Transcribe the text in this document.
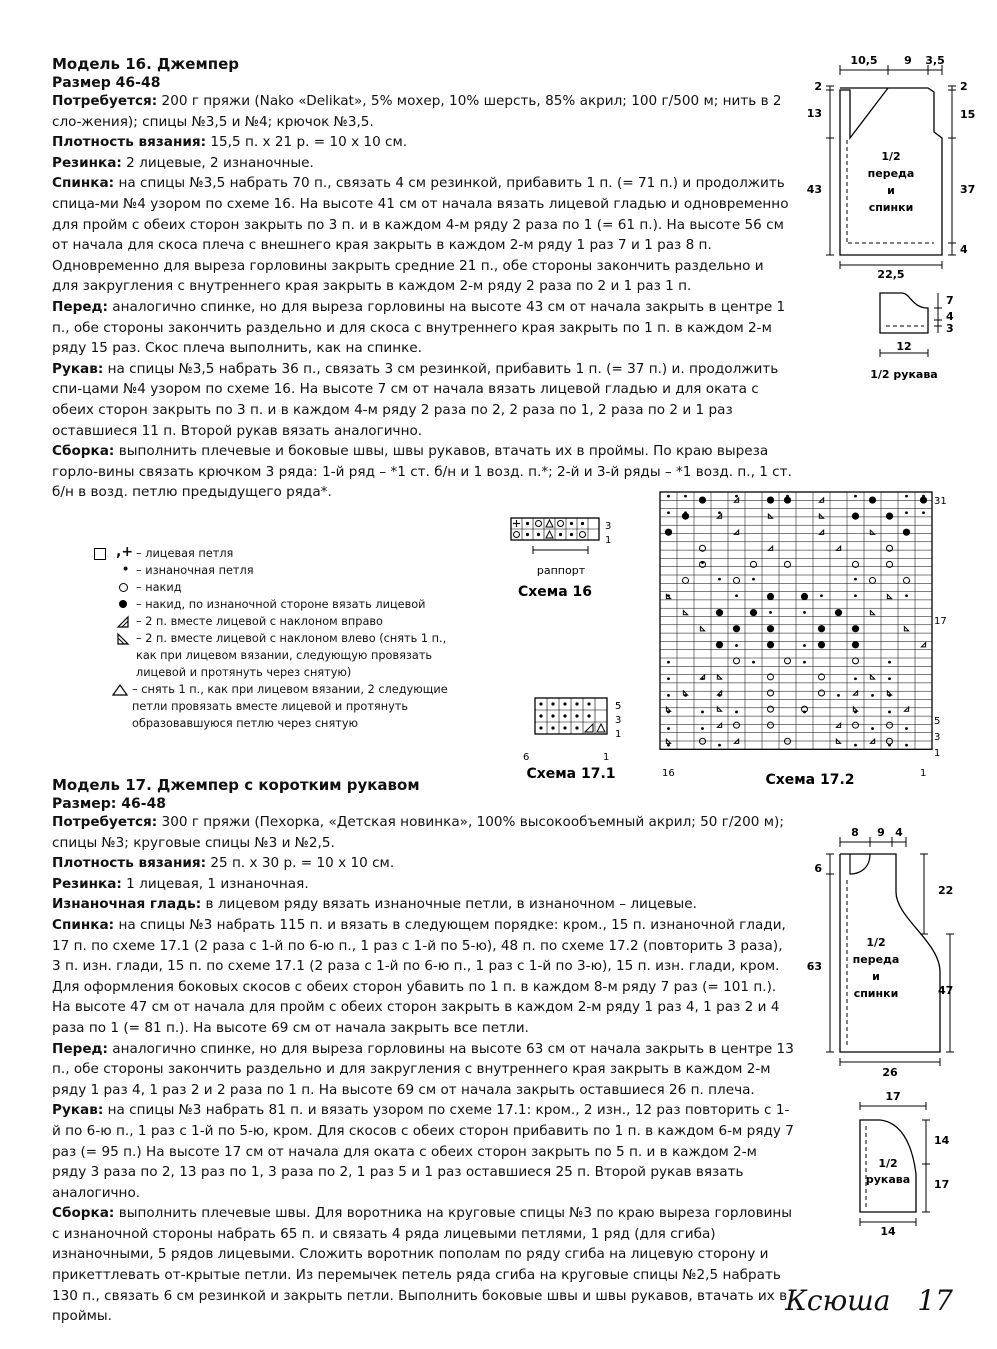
Модель 16. Джемпер
Размер 46-48

Потребуется: 200 г пряжи (Nako «Delikat», 5% мохер, 10% шерсть, 85% акрил; 100 г/500 м; нить в 2 сло-жения); спицы №3,5 и №4; крючок №3,5.

Плотность вязания: 15,5 п. х 21 р. = 10 х 10 см.

Резинка: 2 лицевые, 2 изнаночные.

Спинка: на спицы №3,5 набрать 70 п., связать 4 см резинкой, прибавить 1 п. (= 71 п.) и продолжить спица-ми №4 узором по схеме 16. На высоте 41 см от начала вязать лицевой гладью и одновременно для пройм с обеих сторон закрыть по 3 п. и в каждом 4-м ряду 2 раза по 1 (= 61 п.). На высоте 56 см от начала для скоса плеча с внешнего края закрыть в каждом 2-м ряду 1 раз 7 и 1 раз 8 п. Одновременно для выреза горловины закрыть средние 21 п., обе стороны закончить раздельно и для закругления с внутреннего края закрыть в каждом 2-м ряду 2 раза по 2 и 1 раз 1 п.

Перед: аналогично спинке, но для выреза горловины на высоте 43 см от начала закрыть в центре 1 п., обе стороны закончить раздельно и для скоса с внутреннего края закрыть по 1 п. в каждом 2-м ряду 15 раз. Скос плеча выполнить, как на спинке.

Рукав: на спицы №3,5 набрать 36 п., связать 3 см резинкой, прибавить 1 п. (= 37 п.) и. продолжить спи-цами №4 узором по схеме 16. На высоте 7 см от начала вязать лицевой гладью и для оката с обеих сторон закрыть по 3 п. и в каждом 4-м ряду 2 раза по 2, 2 раза по 1, 2 раза по 2 и 1 раз оставшиеся 11 п. Второй рукав вязать аналогично.

Сборка: выполнить плечевые и боковые швы, швы рукавов, втачать их в проймы. По краю выреза горло-вины связать крючком 3 ряда: 1-й ряд – *1 ст. б/н и 1 возд. п.*; 2-й и 3-й ряды – *1 возд. п., 1 ст. б/н в возд. петлю предыдущего ряда*.

10,5 9 3,5
2
13
43
2
15
37
4
1/2
переда
и
спинки
22,5
7
4
3
12
1/2 рукава
,+ – лицевая петля
• – изнаночная петля
– накид
– накид, по изнаночной стороне вязать лицевой
– 2 п. вместе лицевой с наклоном вправо
– 2 п. вместе лицевой с наклоном влево (снять 1 п., как при лицевом вязании, следующую провязать лицевой и протянуть через снятую)
– снять 1 п., как при лицевом вязании, 2 следующие петли провязать вместе лицевой и протянуть образовавшуюся петлю через снятую
3
1
раппорт
Схема 16
5
3
1
6	1
Схема 17.1
31
17
5
3
1
16	1
Схема 17.2
Модель 17. Джемпер с коротким рукавом
Размер: 46-48

Потребуется: 300 г пряжи (Пехорка, «Детская новинка», 100% высокообъемный акрил; 50 г/200 м); спицы №3; круговые спицы №3 и №2,5.

Плотность вязания: 25 п. х 30 р. = 10 х 10 см.

Резинка: 1 лицевая, 1 изнаночная.

Изнаночная гладь: в лицевом ряду вязать изнаночные петли, в изнаночном – лицевые.

Спинка: на спицы №3 набрать 115 п. и вязать в следующем порядке: кром., 15 п. изнаночной глади, 17 п. по схеме 17.1 (2 раза с 1-й по 6-ю п., 1 раз с 1-й по 5-ю), 48 п. по схеме 17.2 (повторить 3 раза), 3 п. изн. глади, 15 п. по схеме 17.1 (2 раза с 1-й по 6-ю п., 1 раз с 1-й по 3-ю), 15 п. изн. глади, кром. Для оформления боковых скосов с обеих сторон убавить по 1 п. в каждом 8-м ряду 7 раз (= 101 п.). На высоте 47 см от начала для пройм с обеих сторон закрыть в каждом 2-м ряду 1 раз 4, 1 раз 2 и 4 раза по 1 (= 81 п.). На высоте 69 см от начала закрыть все петли.

Перед: аналогично спинке, но для выреза горловины на высоте 63 см от начала закрыть в центре 13 п., обе стороны закончить раздельно и для закругления с внутреннего края закрыть в каждом 2-м ряду 1 раз 4, 1 раз 2 и 2 раза по 1 п. На высоте 69 см от начала закрыть оставшиеся 26 п. плеча.

Рукав: на спицы №3 набрать 81 п. и вязать узором по схеме 17.1: кром., 2 изн., 12 раз повторить с 1-й по 6-ю п., 1 раз с 1-й по 5-ю, кром. Для скосов с обеих сторон прибавить по 1 п. в каждом 6-м ряду 7 раз (= 95 п.) На высоте 17 см от начала для оката с обеих сторон закрыть по 5 п. и в каждом 2-м ряду 3 раза по 2, 13 раз по 1, 3 раза по 2, 1 раз 5 и 1 раз оставшиеся 25 п. Второй рукав вязать аналогично.

Сборка: выполнить плечевые швы. Для воротника на круговые спицы №3 по краю выреза горловины с изнаночной стороны набрать 65 п. и связать 4 ряда лицевыми петлями, 1 ряд (для сгиба) изнаночными, 5 рядов лицевыми. Сложить воротник пополам по ряду сгиба на лицевую сторону и прикеттлевать от-крытые петли. Из перемычек петель ряда сгиба на круговые спицы №2,5 набрать 130 п., связать 6 см резинкой и закрыть петли. Выполнить боковые швы и швы рукавов, втачать их в проймы.

8 9 4
6
63
22
47
1/2
переда
и
спинки
26
17
14
17
1/2
рукава
14
Ксюша 17
